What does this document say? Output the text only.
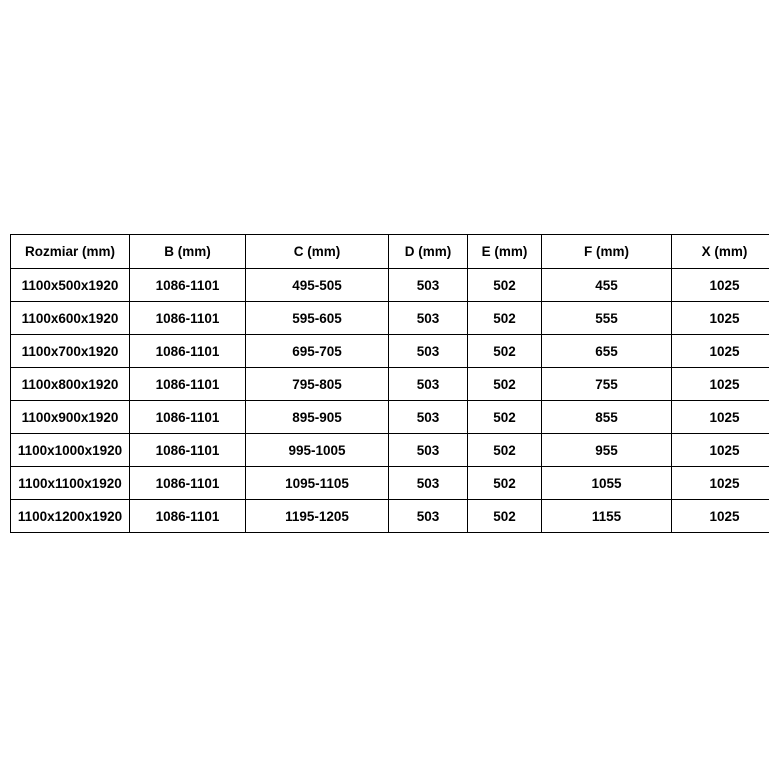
Rozmiar (mm)	B (mm)	C (mm)	D (mm)	E (mm)	F (mm)	X (mm)
1100x500x1920	1086-1101	495-505	503	502	455	1025
1100x600x1920	1086-1101	595-605	503	502	555	1025
1100x700x1920	1086-1101	695-705	503	502	655	1025
1100x800x1920	1086-1101	795-805	503	502	755	1025
1100x900x1920	1086-1101	895-905	503	502	855	1025
1100x1000x1920	1086-1101	995-1005	503	502	955	1025
1100x1100x1920	1086-1101	1095-1105	503	502	1055	1025
1100x1200x1920	1086-1101	1195-1205	503	502	1155	1025
